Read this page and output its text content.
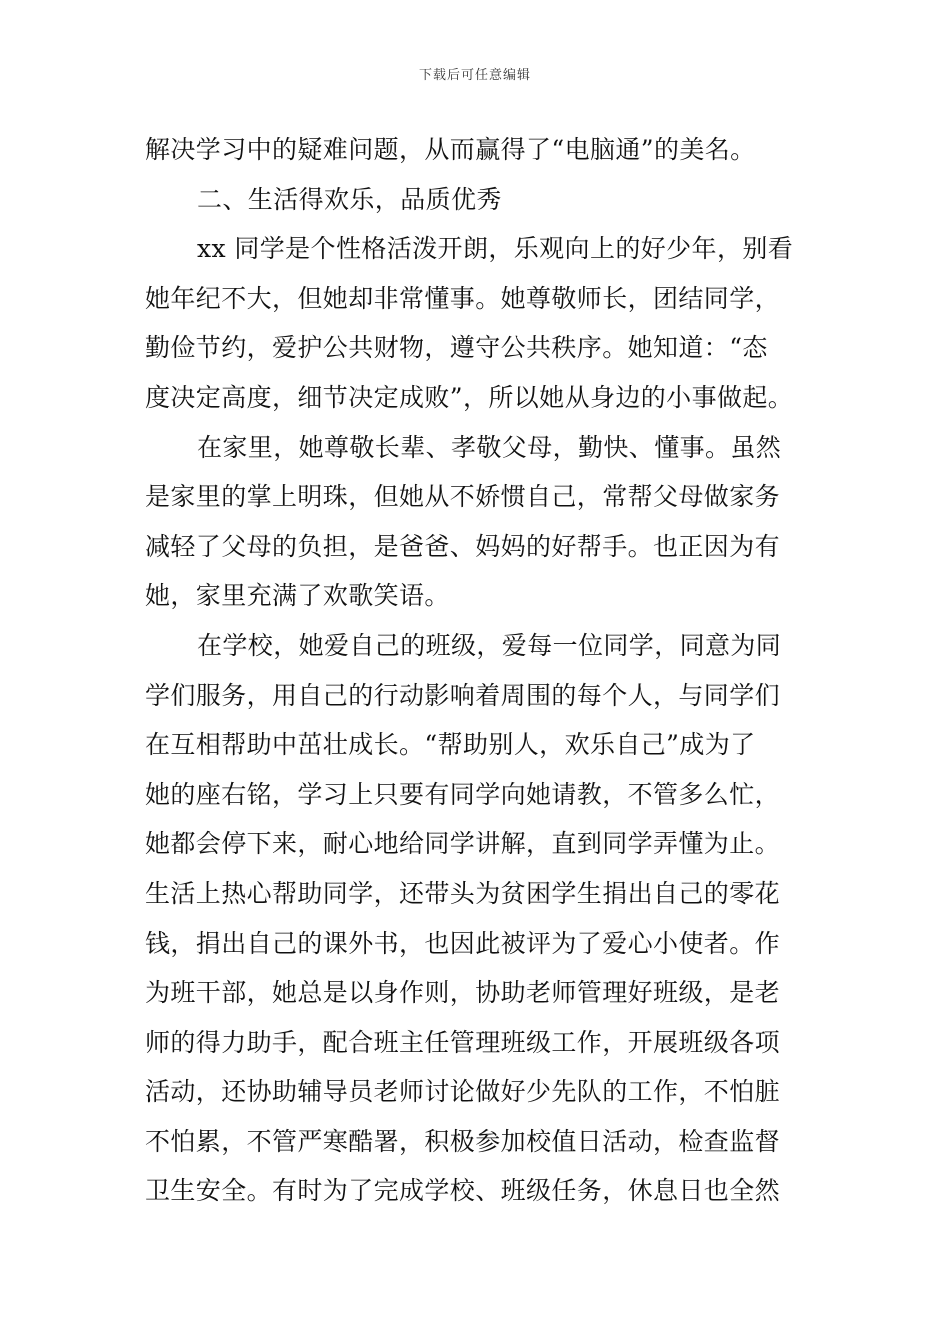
下载后可任意编辑
解决学习中的疑难问题，从而赢得了“电脑通”的美名。
二、生活得欢乐，品质优秀
xx 同学是个性格活泼开朗，乐观向上的好少年，别看
她年纪不大，但她却非常懂事。她尊敬师长，团结同学，
勤俭节约，爱护公共财物，遵守公共秩序。她知道：“态
度决定高度，细节决定成败”，所以她从身边的小事做起。
在家里，她尊敬长辈、孝敬父母，勤快、懂事。虽然
是家里的掌上明珠，但她从不娇惯自己，常帮父母做家务
减轻了父母的负担，是爸爸、妈妈的好帮手。也正因为有
她，家里充满了欢歌笑语。
在学校，她爱自己的班级，爱每一位同学，同意为同
学们服务，用自己的行动影响着周围的每个人，与同学们
在互相帮助中茁壮成长。“帮助别人，欢乐自己”成为了
她的座右铭，学习上只要有同学向她请教，不管多么忙，
她都会停下来，耐心地给同学讲解，直到同学弄懂为止。
生活上热心帮助同学，还带头为贫困学生捐出自己的零花
钱，捐出自己的课外书，也因此被评为了爱心小使者。作
为班干部，她总是以身作则，协助老师管理好班级，是老
师的得力助手，配合班主任管理班级工作，开展班级各项
活动，还协助辅导员老师讨论做好少先队的工作，不怕脏
不怕累，不管严寒酷署，积极参加校值日活动，检查监督
卫生安全。有时为了完成学校、班级任务，休息日也全然
